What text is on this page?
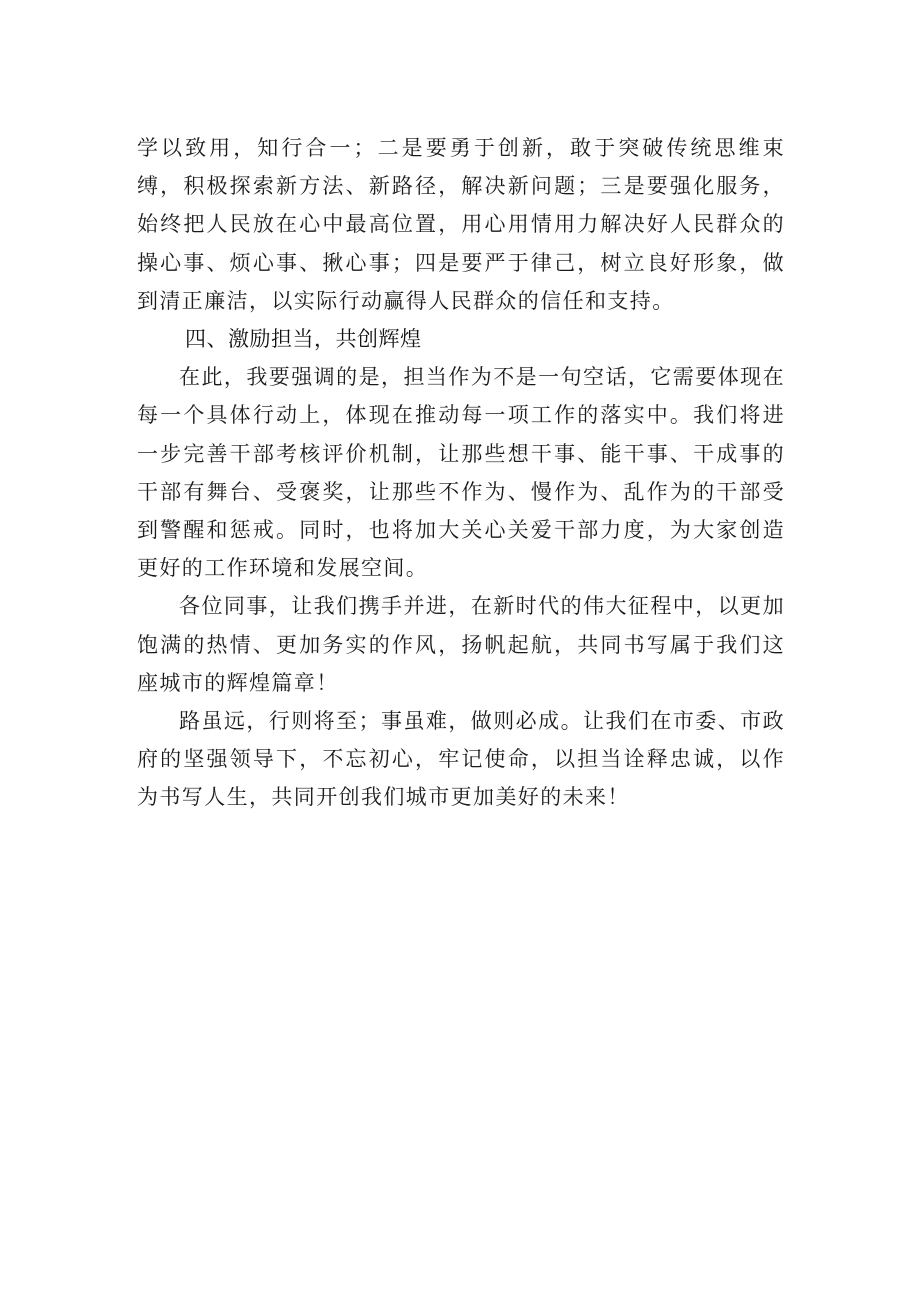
学以致用，知行合一；二是要勇于创新，敢于突破传统思维束缚，积极探索新方法、新路径，解决新问题；三是要强化服务，始终把人民放在心中最高位置，用心用情用力解决好人民群众的操心事、烦心事、揪心事；四是要严于律己，树立良好形象，做到清正廉洁，以实际行动赢得人民群众的信任和支持。

四、激励担当，共创辉煌

在此，我要强调的是，担当作为不是一句空话，它需要体现在每一个具体行动上，体现在推动每一项工作的落实中。我们将进一步完善干部考核评价机制，让那些想干事、能干事、干成事的干部有舞台、受褒奖，让那些不作为、慢作为、乱作为的干部受到警醒和惩戒。同时，也将加大关心关爱干部力度，为大家创造更好的工作环境和发展空间。

各位同事，让我们携手并进，在新时代的伟大征程中，以更加饱满的热情、更加务实的作风，扬帆起航，共同书写属于我们这座城市的辉煌篇章！

路虽远，行则将至；事虽难，做则必成。让我们在市委、市政府的坚强领导下，不忘初心，牢记使命，以担当诠释忠诚，以作为书写人生，共同开创我们城市更加美好的未来！
